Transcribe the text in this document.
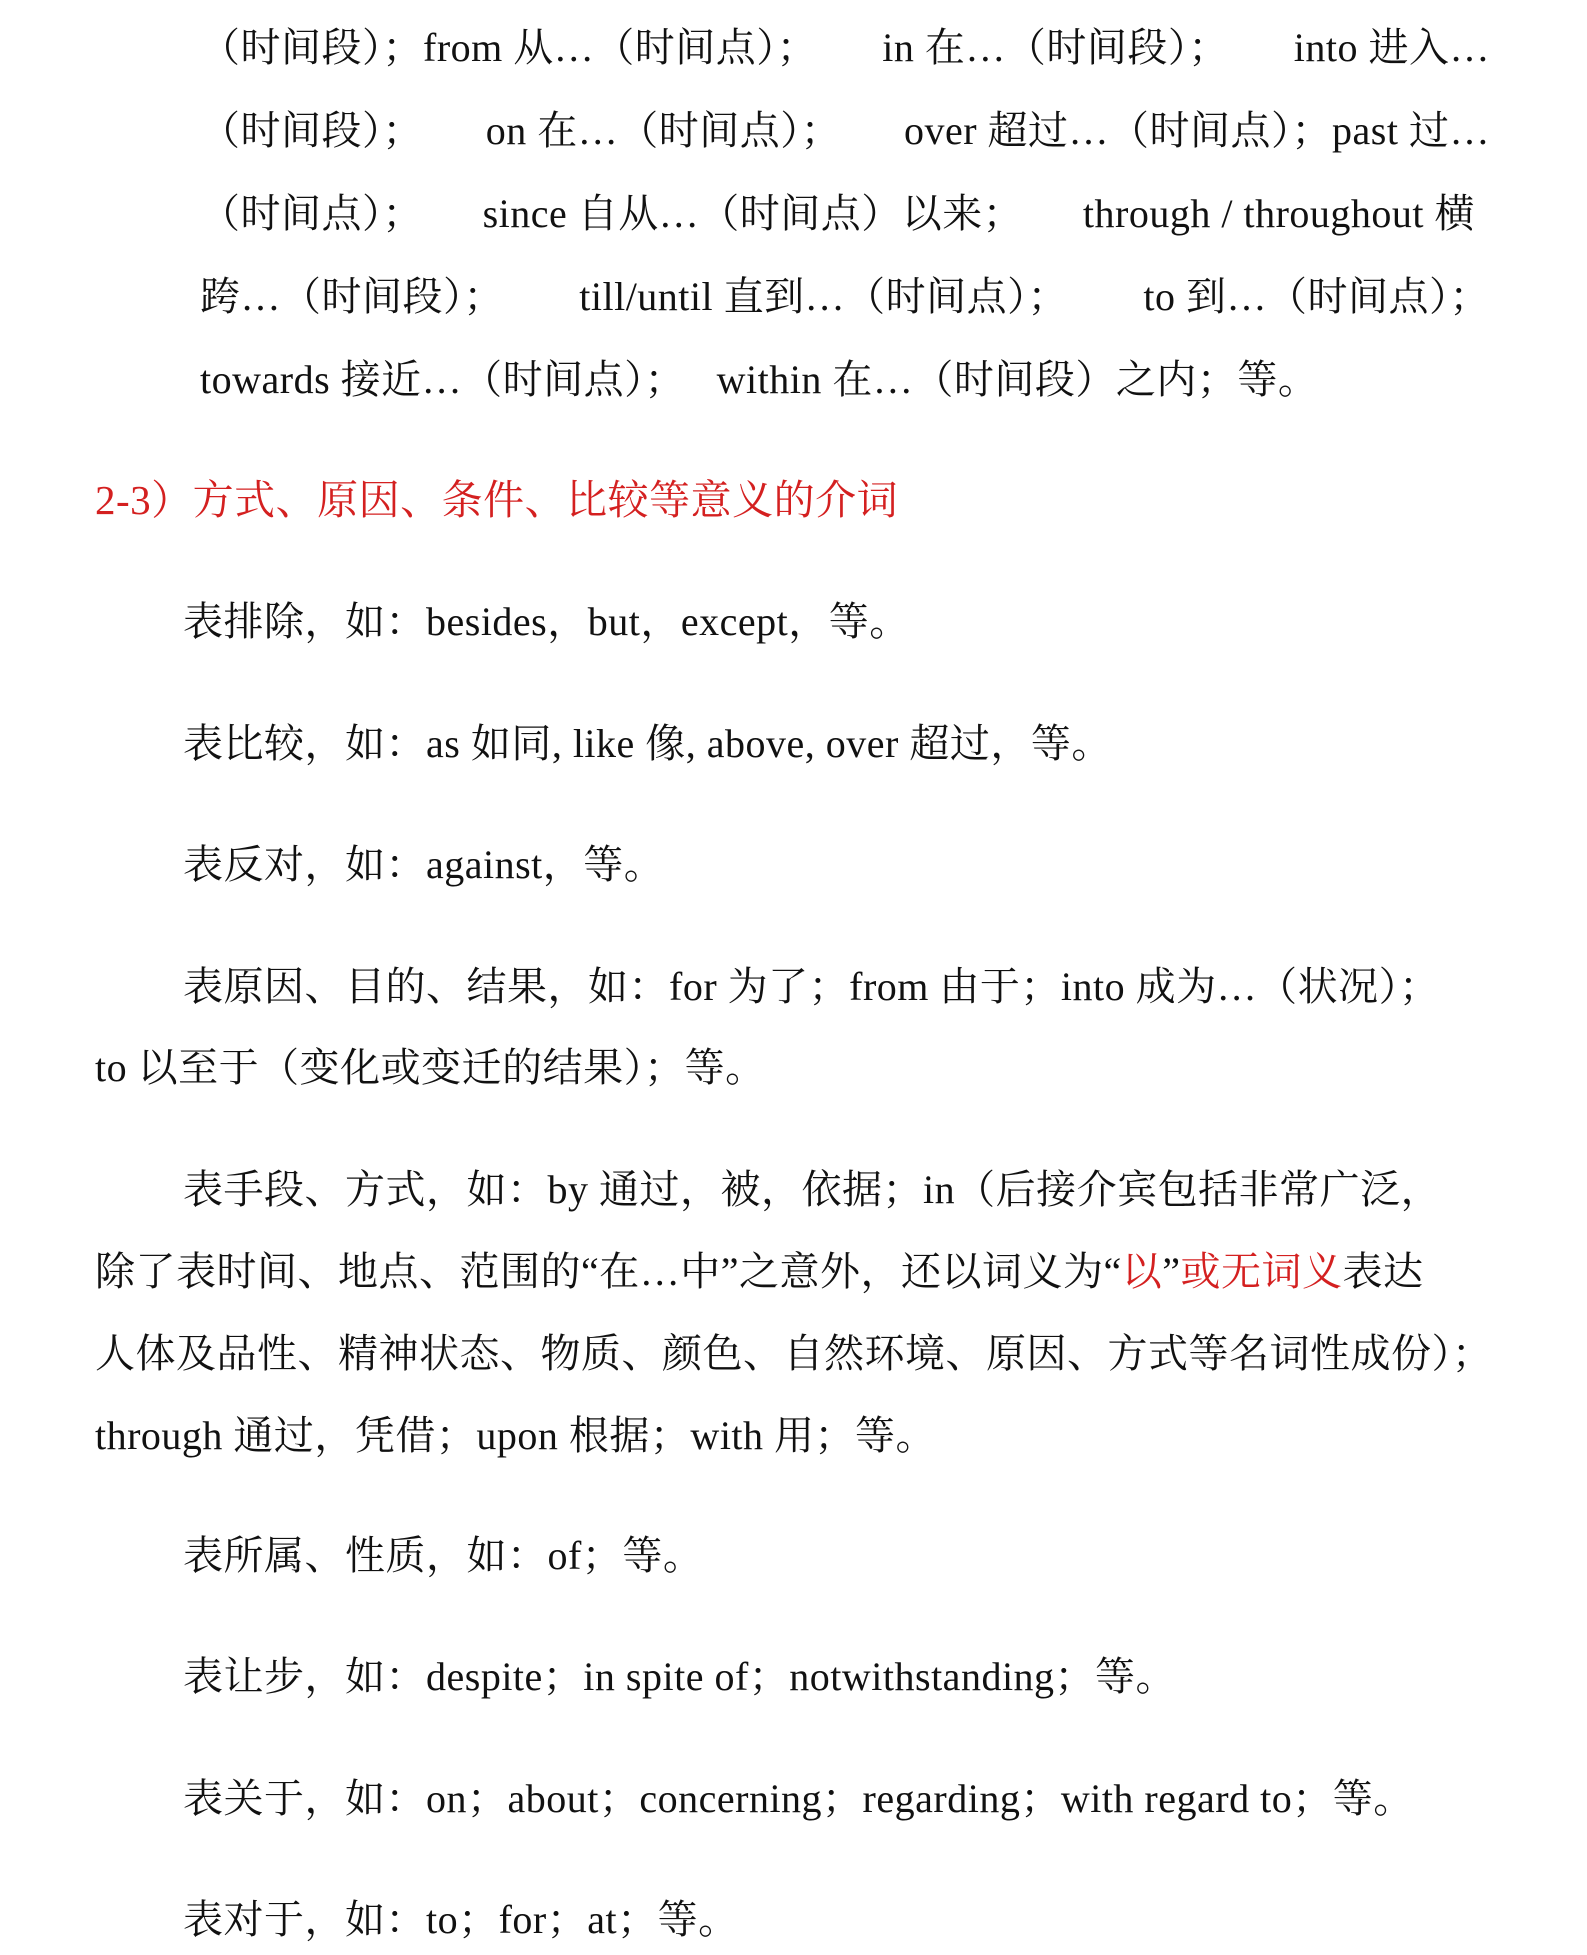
（时间段）；from 从…（时间点）； in 在…（时间段）； into 进入…
（时间段）； on 在…（时间点）； over 超过…（时间点）；past 过…
（时间点）； since 自从…（时间点）以来； through / throughout 横
跨…（时间段）； till/until 直到…（时间点）； to 到…（时间点）；
towards 接近…（时间点）；   within 在…（时间段）之内；等。
2-3）方式、原因、条件、比较等意义的介词
表排除，如：besides，but，except，等。
表比较，如：as 如同, like 像, above, over 超过，等。
表反对，如：against，等。
表原因、目的、结果，如：for 为了；from 由于；into 成为…（状况）；
to 以至于（变化或变迁的结果）；等。
表手段、方式，如：by 通过，被，依据；in（后接介宾包括非常广泛，
除了表时间、地点、范围的“在…中”之意外，还以词义为“以”或无词义表达
人体及品性、精神状态、物质、颜色、自然环境、原因、方式等名词性成份）；
through 通过，凭借；upon 根据；with 用；等。
表所属、性质，如：of；等。
表让步，如：despite；in spite of；notwithstanding；等。
表关于，如：on；about；concerning；regarding；with regard to；等。
表对于，如：to；for；at；等。
